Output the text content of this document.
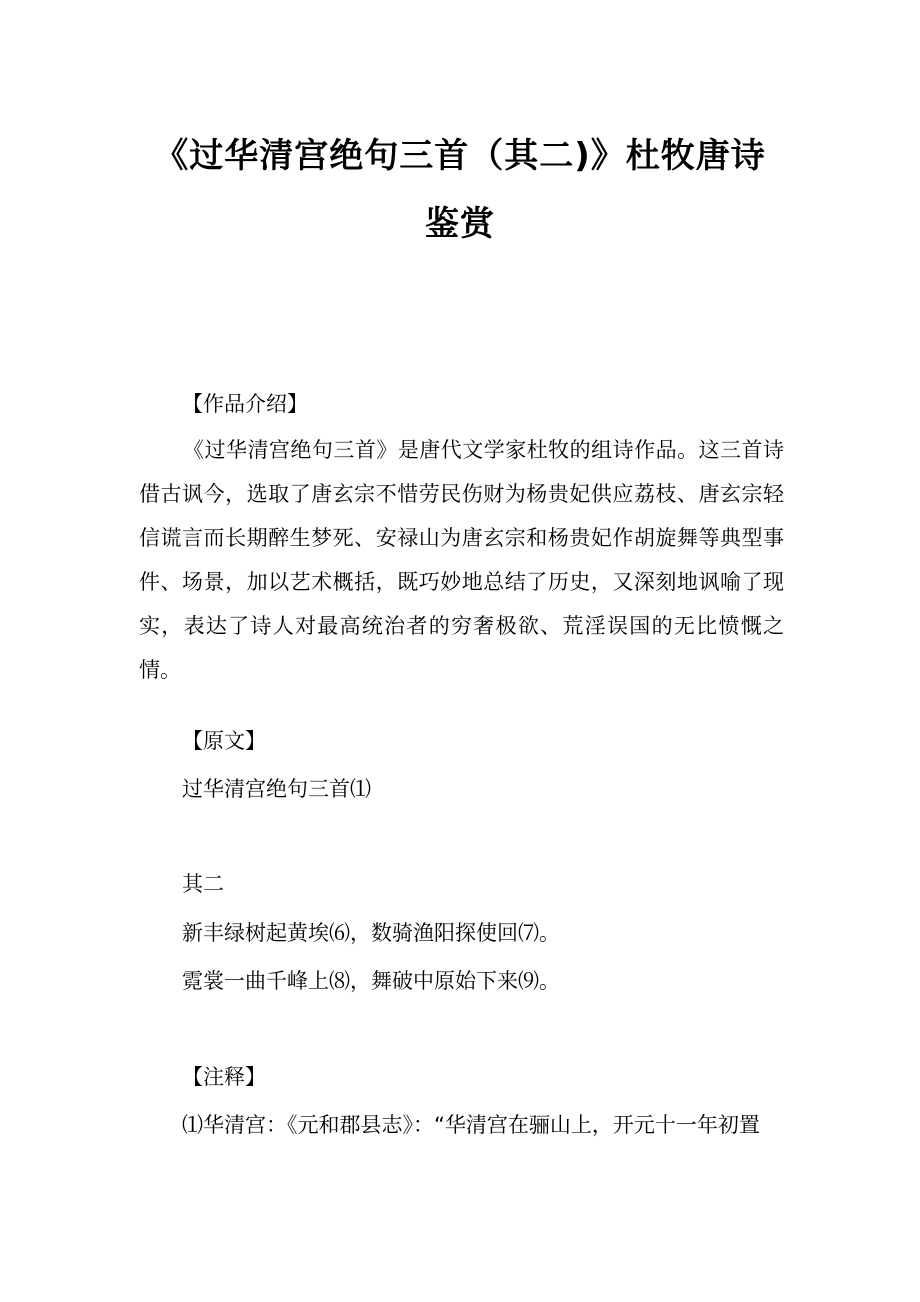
《过华清宫绝句三首（其二)》杜牧唐诗鉴赏
【作品介绍】
《过华清宫绝句三首》是唐代文学家杜牧的组诗作品。这三首诗借古讽今，选取了唐玄宗不惜劳民伤财为杨贵妃供应荔枝、唐玄宗轻信谎言而长期醉生梦死、安禄山为唐玄宗和杨贵妃作胡旋舞等典型事件、场景，加以艺术概括，既巧妙地总结了历史，又深刻地讽喻了现实，表达了诗人对最高统治者的穷奢极欲、荒淫误国的无比愤慨之情。
【原文】
过华清宫绝句三首⑴
其二
新丰绿树起黄埃⑹，数骑渔阳探使回⑺。
霓裳一曲千峰上⑻，舞破中原始下来⑼。
【注释】
⑴华清宫：《元和郡县志》：“华清宫在骊山上，开元十一年初置
